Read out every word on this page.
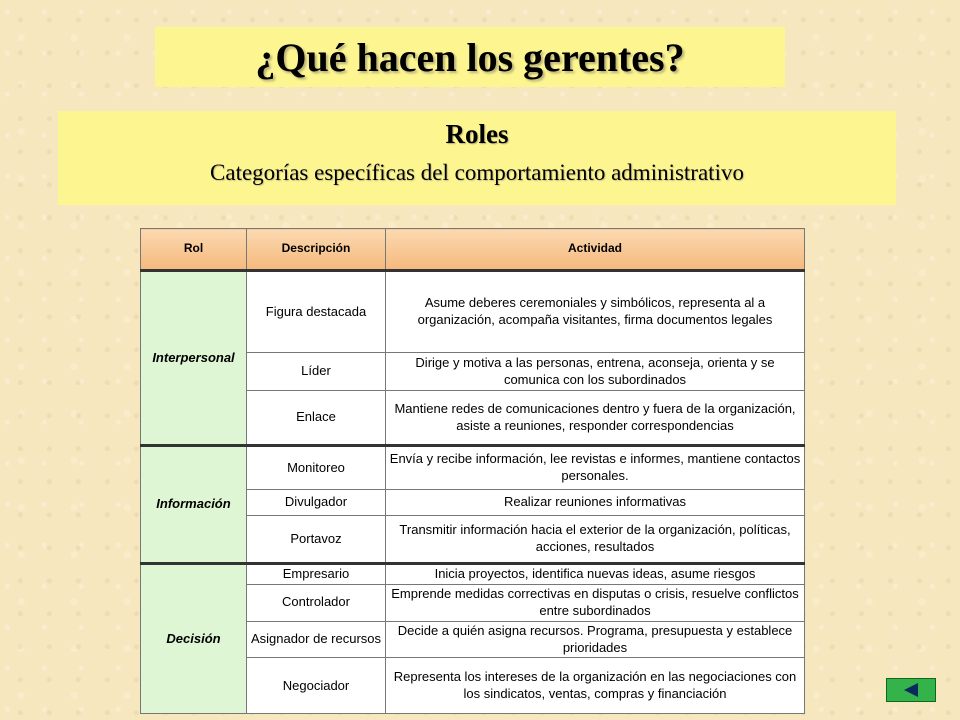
¿Qué hacen los gerentes?
Roles
Categorías específicas del comportamiento administrativo
Rol	Descripción	Actividad
Interpersonal	Figura destacada	Asume deberes ceremoniales y simbólicos, representa al a organización, acompaña visitantes, firma documentos legales
	Líder	Dirige y motiva a las personas, entrena, aconseja, orienta y se comunica con los subordinados
	Enlace	Mantiene redes de comunicaciones dentro y fuera de la organización, asiste a reuniones, responder correspondencias
Información	Monitoreo	Envía y recibe información, lee revistas e informes, mantiene contactos personales.
	Divulgador	Realizar reuniones informativas
	Portavoz	Transmitir información hacia el exterior de la organización, políticas, acciones, resultados
Decisión	Empresario	Inicia proyectos, identifica nuevas ideas, asume riesgos
	Controlador	Emprende medidas correctivas en disputas o crisis, resuelve conflictos entre subordinados
	Asignador de recursos	Decide a quién asigna recursos. Programa, presupuesta y establece prioridades
	Negociador	Representa los intereses de la organización en las negociaciones con los sindicatos, ventas, compras y financiación
